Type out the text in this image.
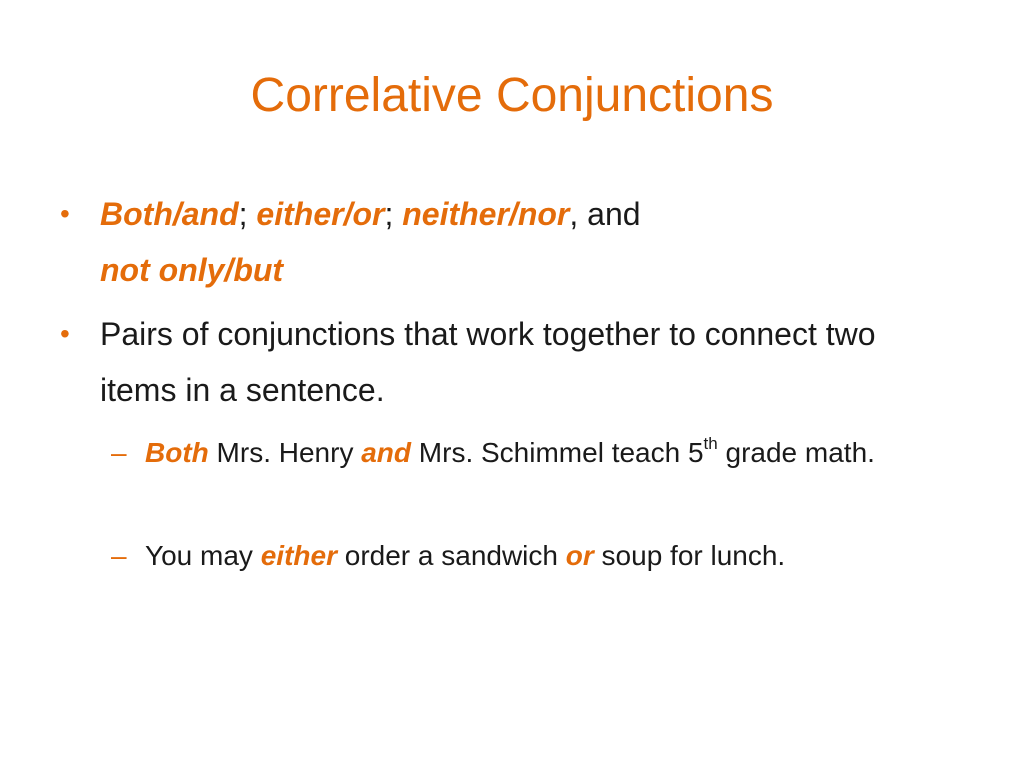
Correlative Conjunctions
• Both/and; either/or; neither/nor, and
not only/but
• Pairs of conjunctions that work together to connect two items in a sentence.
– Both Mrs. Henry and Mrs. Schimmel teach 5th grade math.
– You may either order a sandwich or soup for lunch.
